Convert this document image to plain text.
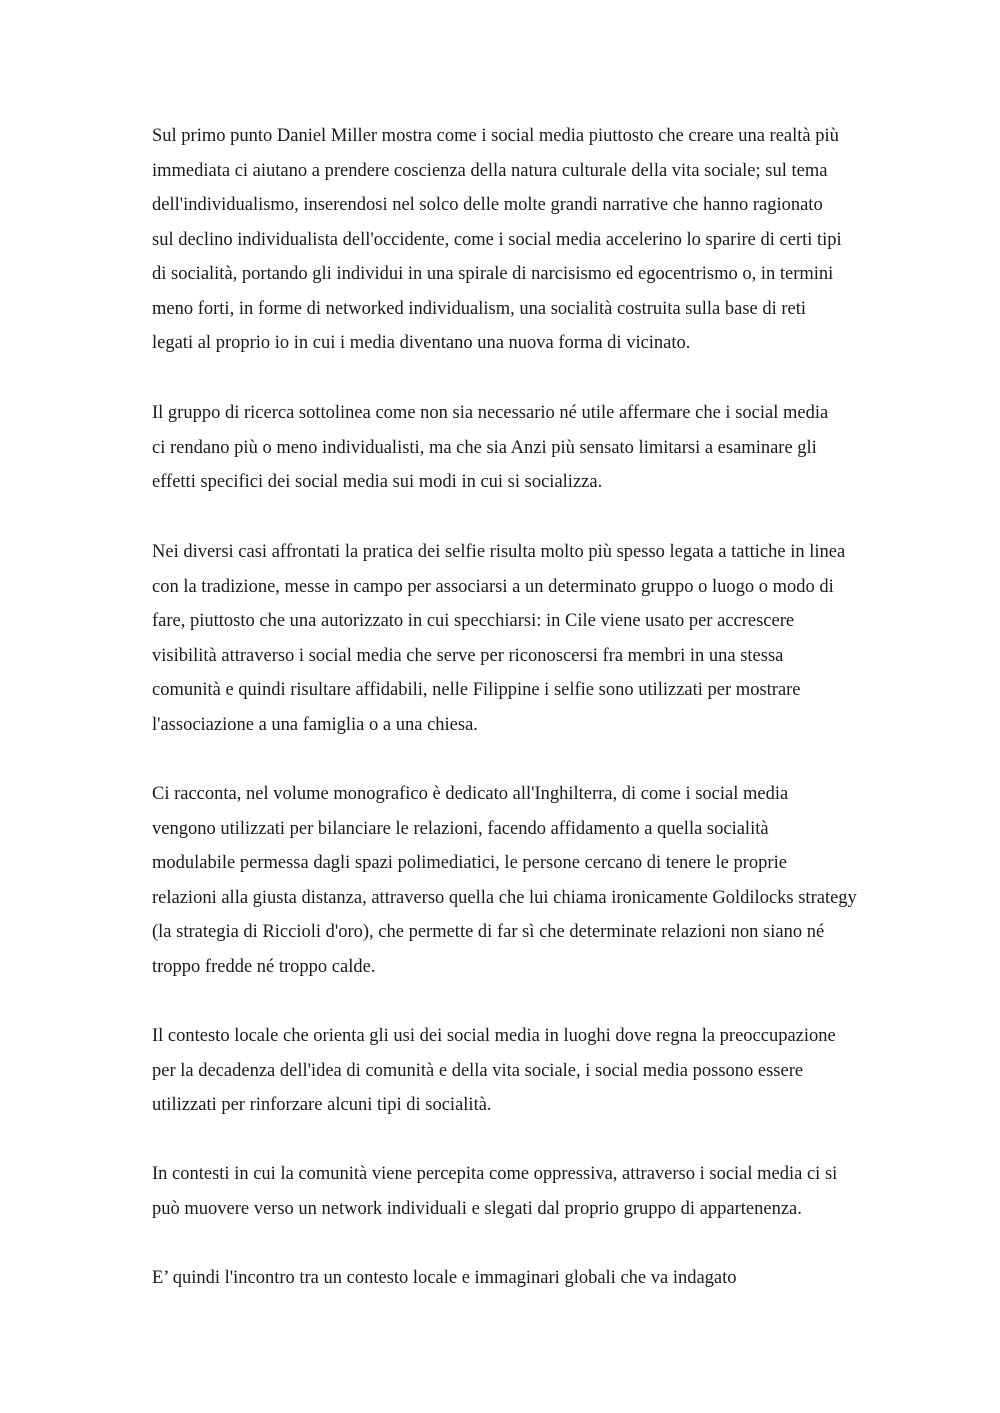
Sul primo punto Daniel Miller mostra come i social media piuttosto che creare una realtà più
immediata ci aiutano a prendere coscienza della natura culturale della vita sociale; sul tema
dell'individualismo, inserendosi nel solco delle molte grandi narrative che hanno ragionato
sul declino individualista dell'occidente, come i social media accelerino lo sparire di certi tipi
di socialità, portando gli individui in una spirale di narcisismo ed egocentrismo o, in termini
meno forti, in forme di networked individualism, una socialità costruita sulla base di reti
legati al proprio io in cui i media diventano una nuova forma di vicinato.
Il gruppo di ricerca sottolinea come non sia necessario né utile affermare che i social media
ci rendano più o meno individualisti, ma che sia Anzi più sensato limitarsi a esaminare gli
effetti specifici dei social media sui modi in cui si socializza.
Nei diversi casi affrontati la pratica dei selfie risulta molto più spesso legata a tattiche in linea
con la tradizione, messe in campo per associarsi a un determinato gruppo o luogo o modo di
fare, piuttosto che una autorizzato in cui specchiarsi: in Cile viene usato per accrescere
visibilità attraverso i social media che serve per riconoscersi fra membri in una stessa
comunità e quindi risultare affidabili, nelle Filippine i selfie sono utilizzati per mostrare
l'associazione a una famiglia o a una chiesa.
Ci racconta, nel volume monografico è dedicato all'Inghilterra, di come i social media
vengono utilizzati per bilanciare le relazioni, facendo affidamento a quella socialità
modulabile permessa dagli spazi polimediatici, le persone cercano di tenere le proprie
relazioni alla giusta distanza, attraverso quella che lui chiama ironicamente Goldilocks strategy
(la strategia di Riccioli d'oro), che permette di far sì che determinate relazioni non siano né
troppo fredde né troppo calde.
Il contesto locale che orienta gli usi dei social media in luoghi dove regna la preoccupazione
per la decadenza dell'idea di comunità e della vita sociale, i social media possono essere
utilizzati per rinforzare alcuni tipi di socialità.
In contesti in cui la comunità viene percepita come oppressiva, attraverso i social media ci si
può muovere verso un network individuali e slegati dal proprio gruppo di appartenenza.
E’ quindi l'incontro tra un contesto locale e immaginari globali che va indagato
